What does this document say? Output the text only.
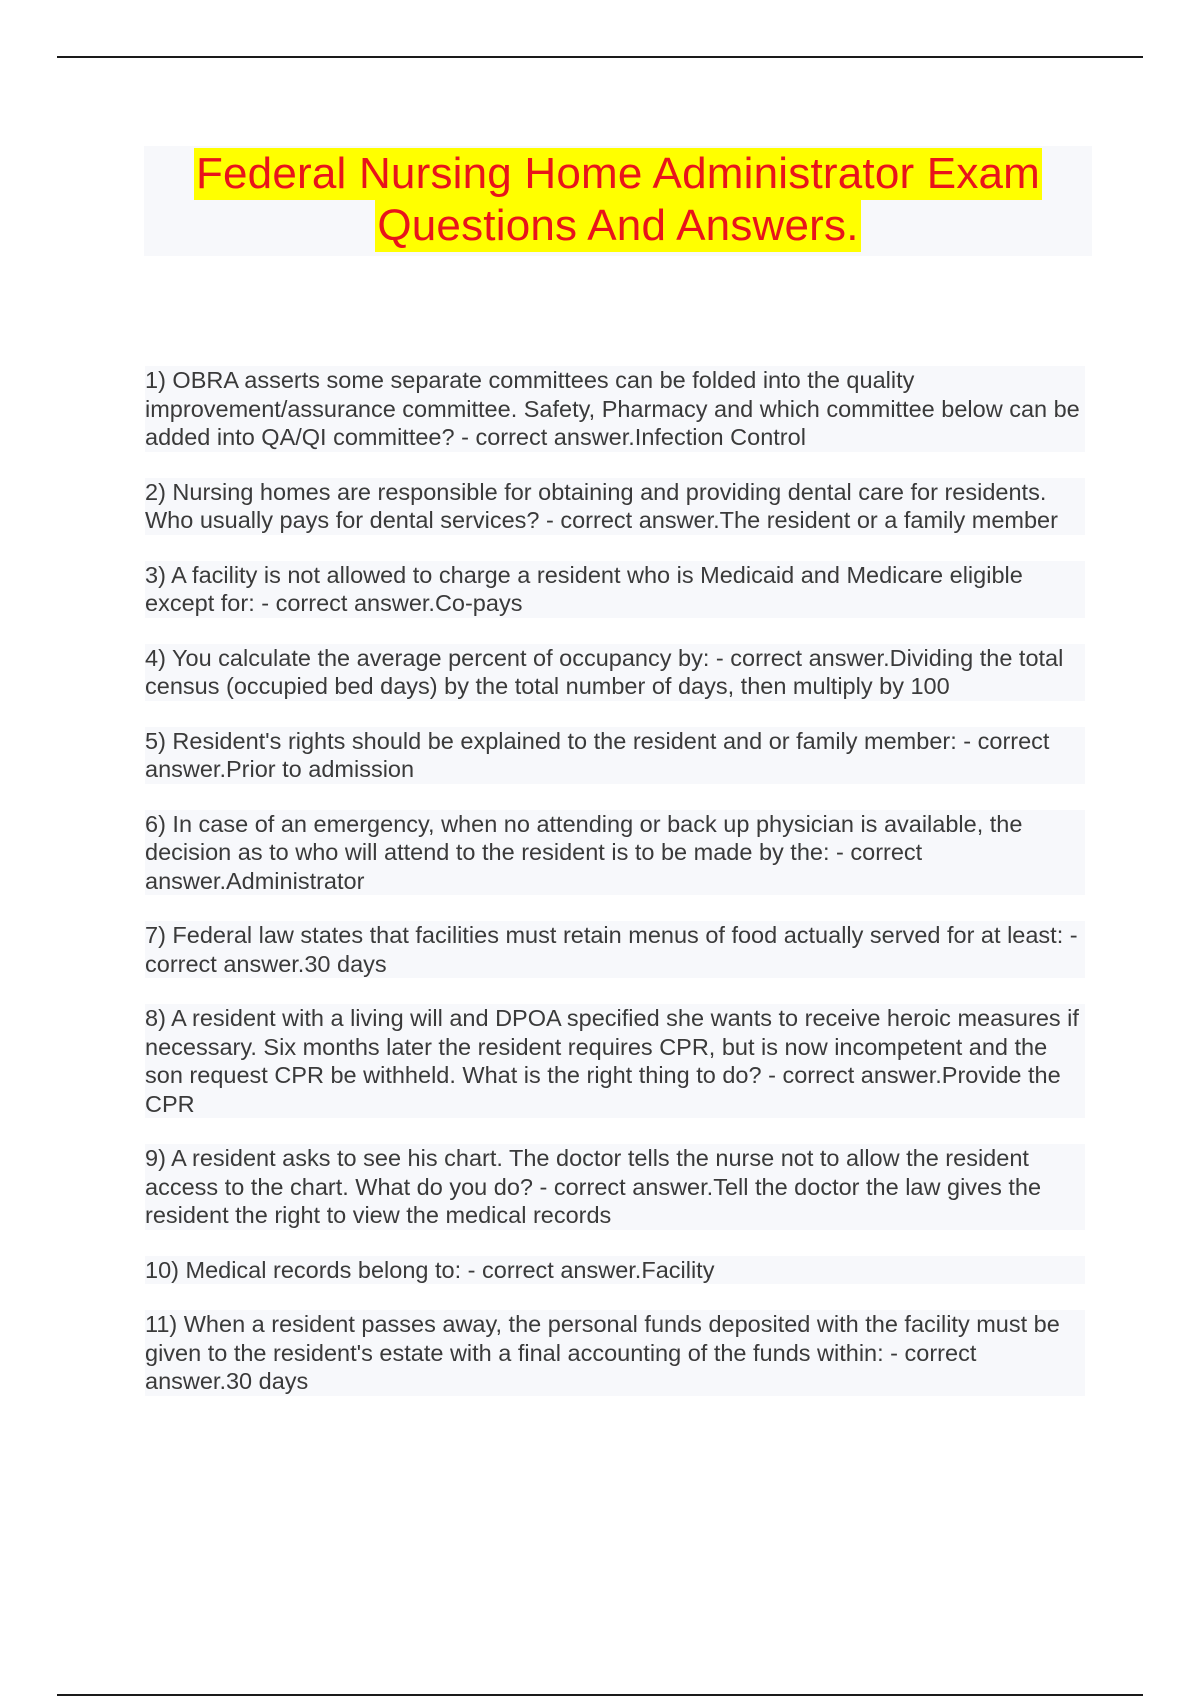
Federal Nursing Home Administrator Exam
Questions And Answers.

1) OBRA asserts some separate committees can be folded into the quality improvement/assurance committee. Safety, Pharmacy and which committee below can be added into QA/QI committee? - correct answer.Infection Control

2) Nursing homes are responsible for obtaining and providing dental care for residents. Who usually pays for dental services? - correct answer.The resident or a family member

3) A facility is not allowed to charge a resident who is Medicaid and Medicare eligible except for: - correct answer.Co-pays

4) You calculate the average percent of occupancy by: - correct answer.Dividing the total census (occupied bed days) by the total number of days, then multiply by 100

5) Resident's rights should be explained to the resident and or family member: - correct answer.Prior to admission

6) In case of an emergency, when no attending or back up physician is available, the decision as to who will attend to the resident is to be made by the: - correct answer.Administrator

7) Federal law states that facilities must retain menus of food actually served for at least: - correct answer.30 days

8) A resident with a living will and DPOA specified she wants to receive heroic measures if necessary. Six months later the resident requires CPR, but is now incompetent and the son request CPR be withheld. What is the right thing to do? - correct answer.Provide the CPR

9) A resident asks to see his chart. The doctor tells the nurse not to allow the resident access to the chart. What do you do? - correct answer.Tell the doctor the law gives the resident the right to view the medical records

10) Medical records belong to: - correct answer.Facility

11) When a resident passes away, the personal funds deposited with the facility must be given to the resident's estate with a final accounting of the funds within: - correct answer.30 days
